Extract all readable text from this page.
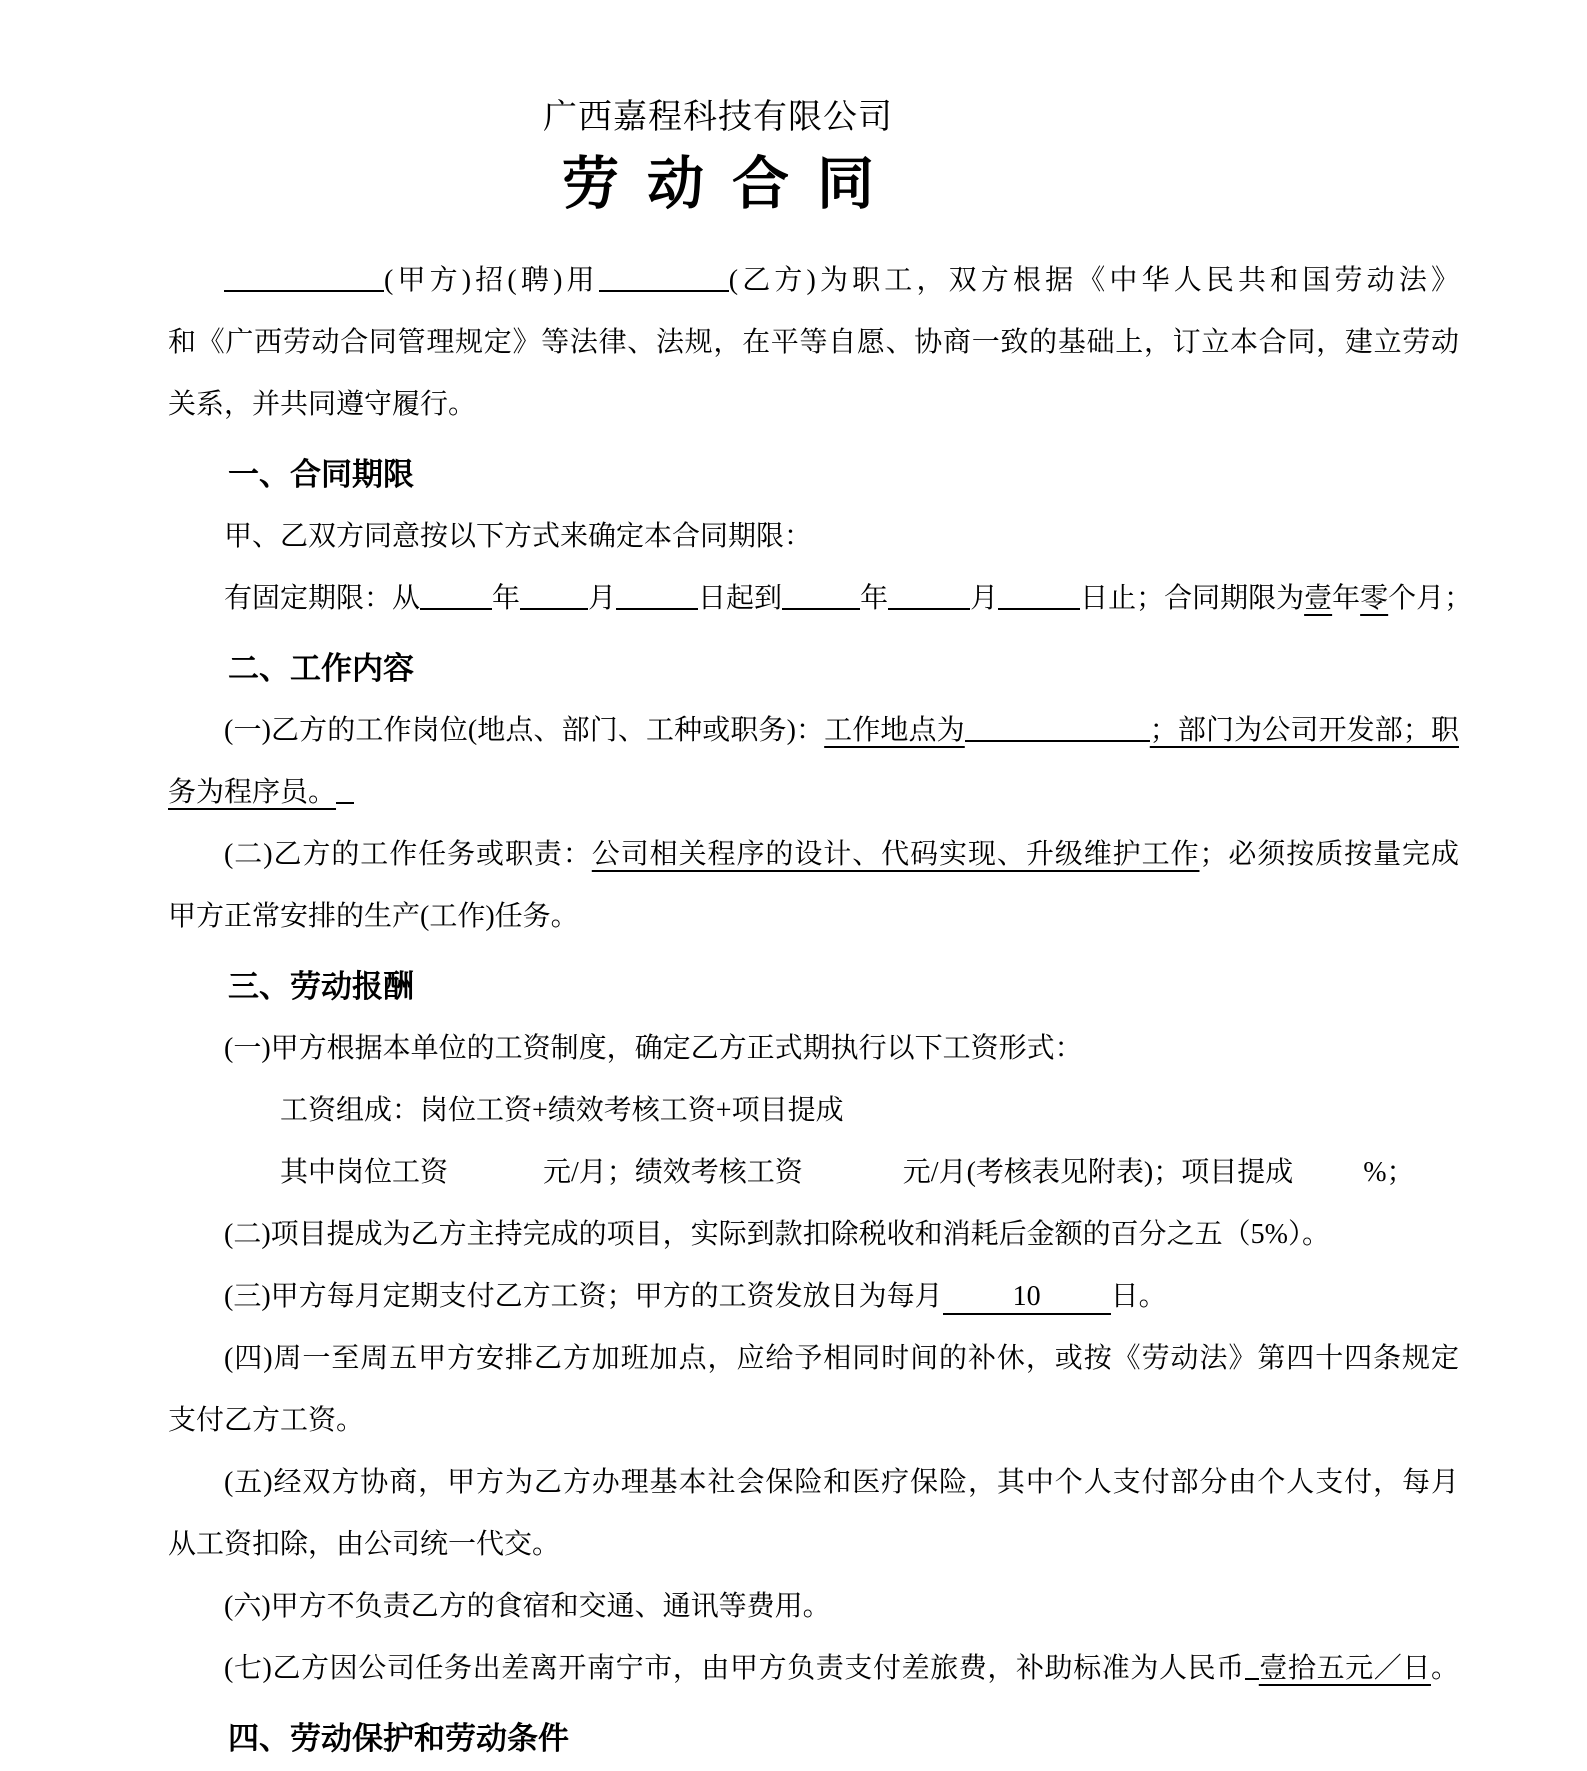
广西嘉程科技有限公司
劳动合同
(甲方)招(聘)用	(乙方)为职工，双方根据《中华人民共和国劳动法》
和《广西劳动合同管理规定》等法律、法规，在平等自愿、协商一致的基础上，订立本合同，建立劳动
关系，并共同遵守履行。
一、合同期限
甲、乙双方同意按以下方式来确定本合同期限：
有固定期限：从	年 月	日起到	年	月	日止；合同期限为壹年零个月；
二、工作内容
(一)乙方的工作岗位(地点、部门、工种或职务)：工作地点为	；部门为公司开发部；职
务为程序员。
(二)乙方的工作任务或职责：公司相关程序的设计、代码实现、升级维护工作；必须按质按量完成
甲方正常安排的生产(工作)任务。
三、劳动报酬
(一)甲方根据本单位的工资制度，确定乙方正式期执行以下工资形式：
工资组成：岗位工资+绩效考核工资+项目提成
其中岗位工资	元/月；绩效考核工资	元/月(考核表见附表)；项目提成	%；
(二)项目提成为乙方主持完成的项目，实际到款扣除税收和消耗后金额的百分之五（5%）。
(三)甲方每月定期支付乙方工资；甲方的工资发放日为每月	10	日。
(四)周一至周五甲方安排乙方加班加点，应给予相同时间的补休，或按《劳动法》第四十四条规定
支付乙方工资。
(五)经双方协商，甲方为乙方办理基本社会保险和医疗保险，其中个人支付部分由个人支付，每月
从工资扣除，由公司统一代交。
(六)甲方不负责乙方的食宿和交通、通讯等费用。
(七)乙方因公司任务出差离开南宁市，由甲方负责支付差旅费，补助标准为人民币 壹拾五元／日。
四、劳动保护和劳动条件
